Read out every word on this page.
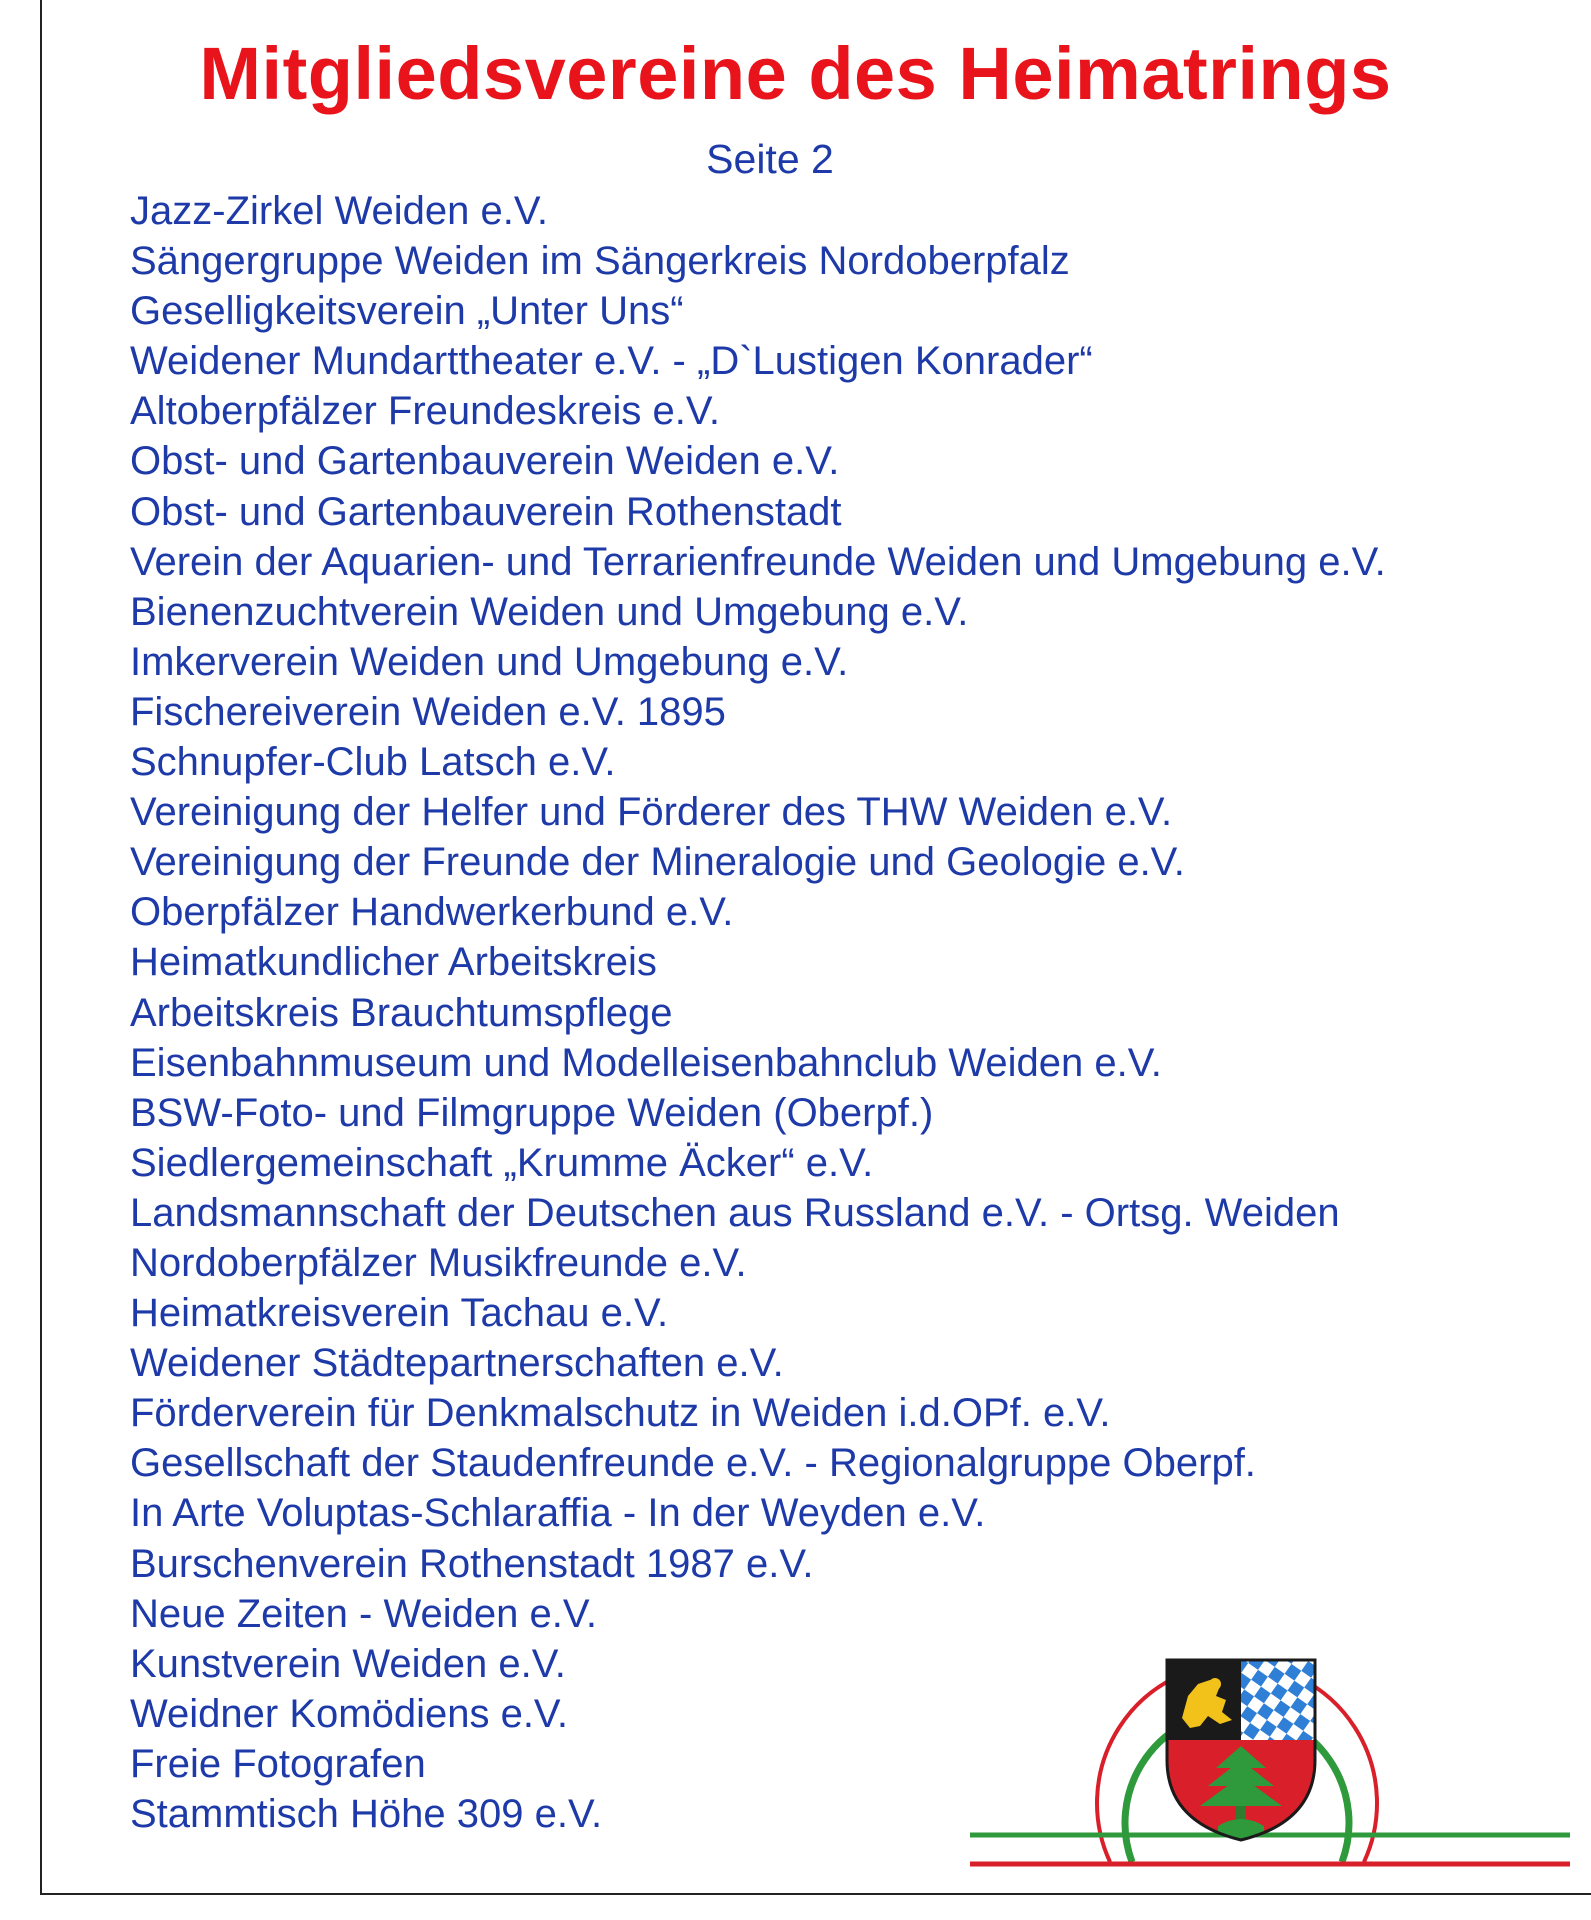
Mitgliedsvereine des Heimatrings
Seite 2
Jazz-Zirkel Weiden e.V.
Sängergruppe Weiden im Sängerkreis Nordoberpfalz
Geselligkeitsverein „Unter Uns“
Weidener Mundarttheater e.V. - „D`Lustigen Konrader“
Altoberpfälzer Freundeskreis e.V.
Obst- und Gartenbauverein Weiden e.V.
Obst- und Gartenbauverein Rothenstadt
Verein der Aquarien- und Terrarienfreunde Weiden und Umgebung e.V.
Bienenzuchtverein Weiden und Umgebung e.V.
Imkerverein Weiden und Umgebung e.V.
Fischereiverein Weiden e.V. 1895
Schnupfer-Club Latsch e.V.
Vereinigung der Helfer und Förderer des THW Weiden e.V.
Vereinigung der Freunde der Mineralogie und Geologie e.V.
Oberpfälzer Handwerkerbund e.V.
Heimatkundlicher Arbeitskreis
Arbeitskreis Brauchtumspflege
Eisenbahnmuseum und Modelleisenbahnclub Weiden e.V.
BSW-Foto- und Filmgruppe Weiden (Oberpf.)
Siedlergemeinschaft „Krumme Äcker“ e.V.
Landsmannschaft der Deutschen aus Russland e.V. - Ortsg. Weiden
Nordoberpfälzer Musikfreunde e.V.
Heimatkreisverein Tachau e.V.
Weidener Städtepartnerschaften e.V.
Förderverein für Denkmalschutz in Weiden i.d.OPf. e.V.
Gesellschaft der Staudenfreunde e.V. - Regionalgruppe Oberpf.
In Arte Voluptas-Schlaraffia - In der Weyden e.V.
Burschenverein Rothenstadt 1987 e.V.
Neue Zeiten - Weiden e.V.
Kunstverein Weiden e.V.
Weidner Komödiens e.V.
Freie Fotografen
Stammtisch Höhe 309 e.V.
